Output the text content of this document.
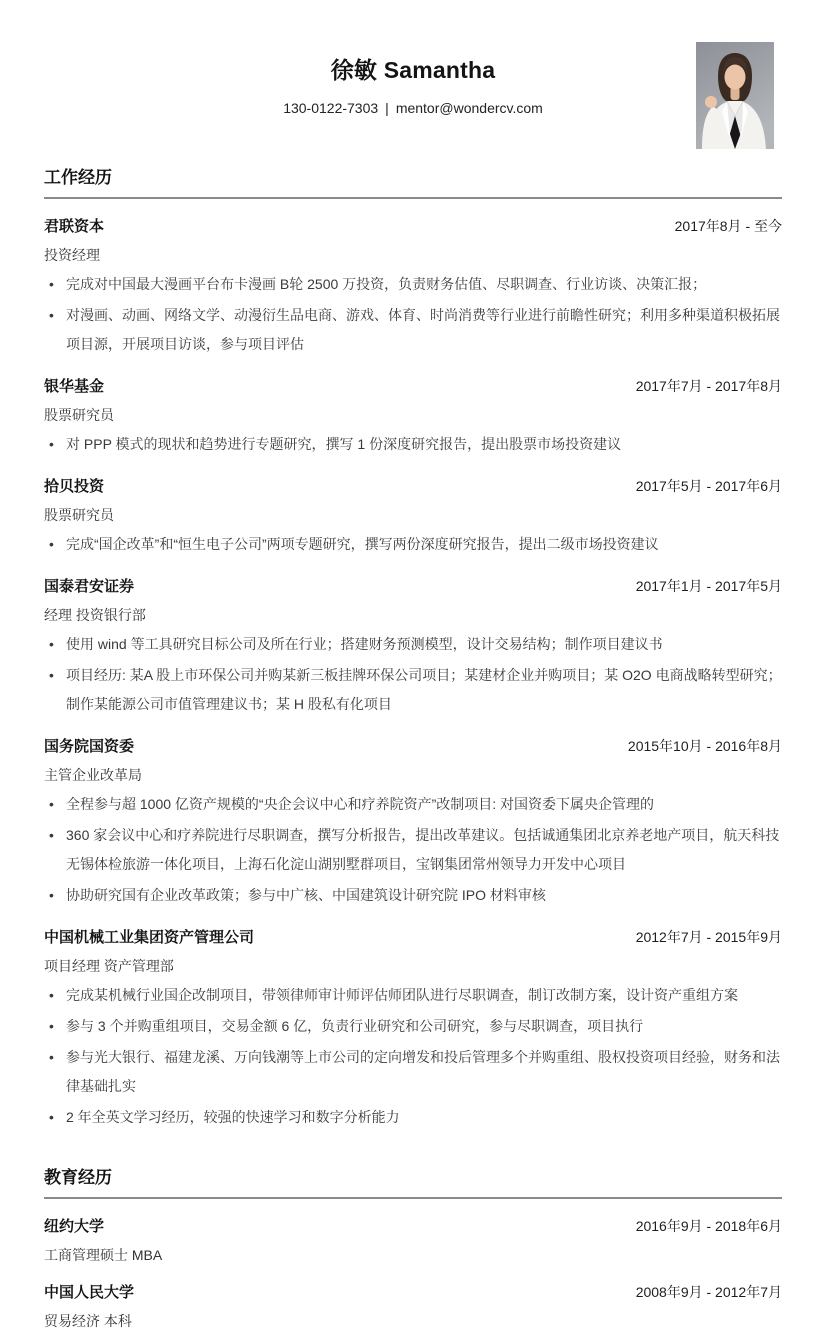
徐敏 Samantha
130-0122-7303 | mentor@wondercv.com
工作经历
君联资本	2017年8月 - 至今
投资经理
• 完成对中国最大漫画平台布卡漫画 B轮 2500 万投资，负责财务估值、尽职调查、行业访谈、决策汇报；
• 对漫画、动画、网络文学、动漫衍生品电商、游戏、体育、时尚消费等行业进行前瞻性研究；利用多种渠道积极拓展项目源，开展项目访谈，参与项目评估
银华基金	2017年7月 - 2017年8月
股票研究员
• 对 PPP 模式的现状和趋势进行专题研究，撰写 1 份深度研究报告，提出股票市场投资建议
拾贝投资	2017年5月 - 2017年6月
股票研究员
• 完成“国企改革”和“恒生电子公司”两项专题研究，撰写两份深度研究报告，提出二级市场投资建议
国泰君安证券	2017年1月 - 2017年5月
经理 投资银行部
• 使用 wind 等工具研究目标公司及所在行业；搭建财务预测模型，设计交易结构；制作项目建议书
• 项目经历: 某A 股上市环保公司并购某新三板挂牌环保公司项目；某建材企业并购项目；某 O2O 电商战略转型研究；制作某能源公司市值管理建议书；某 H 股私有化项目
国务院国资委	2015年10月 - 2016年8月
主管企业改革局
• 全程参与超 1000 亿资产规模的“央企会议中心和疗养院资产”改制项目: 对国资委下属央企管理的
• 360 家会议中心和疗养院进行尽职调查，撰写分析报告，提出改革建议。包括诚通集团北京养老地产项目，航天科技无锡体检旅游一体化项目，上海石化淀山湖别墅群项目，宝钢集团常州领导力开发中心项目
• 协助研究国有企业改革政策；参与中广核、中国建筑设计研究院 IPO 材料审核
中国机械工业集团资产管理公司	2012年7月 - 2015年9月
项目经理 资产管理部
• 完成某机械行业国企改制项目，带领律师审计师评估师团队进行尽职调查，制订改制方案，设计资产重组方案
• 参与 3 个并购重组项目，交易金额 6 亿，负责行业研究和公司研究，参与尽职调查，项目执行
• 参与光大银行、福建龙溪、万向钱潮等上市公司的定向增发和投后管理多个并购重组、股权投资项目经验，财务和法律基础扎实
• 2 年全英文学习经历，较强的快速学习和数字分析能力
教育经历
纽约大学	2016年9月 - 2018年6月
工商管理硕士 MBA
中国人民大学	2008年9月 - 2012年7月
贸易经济 本科
